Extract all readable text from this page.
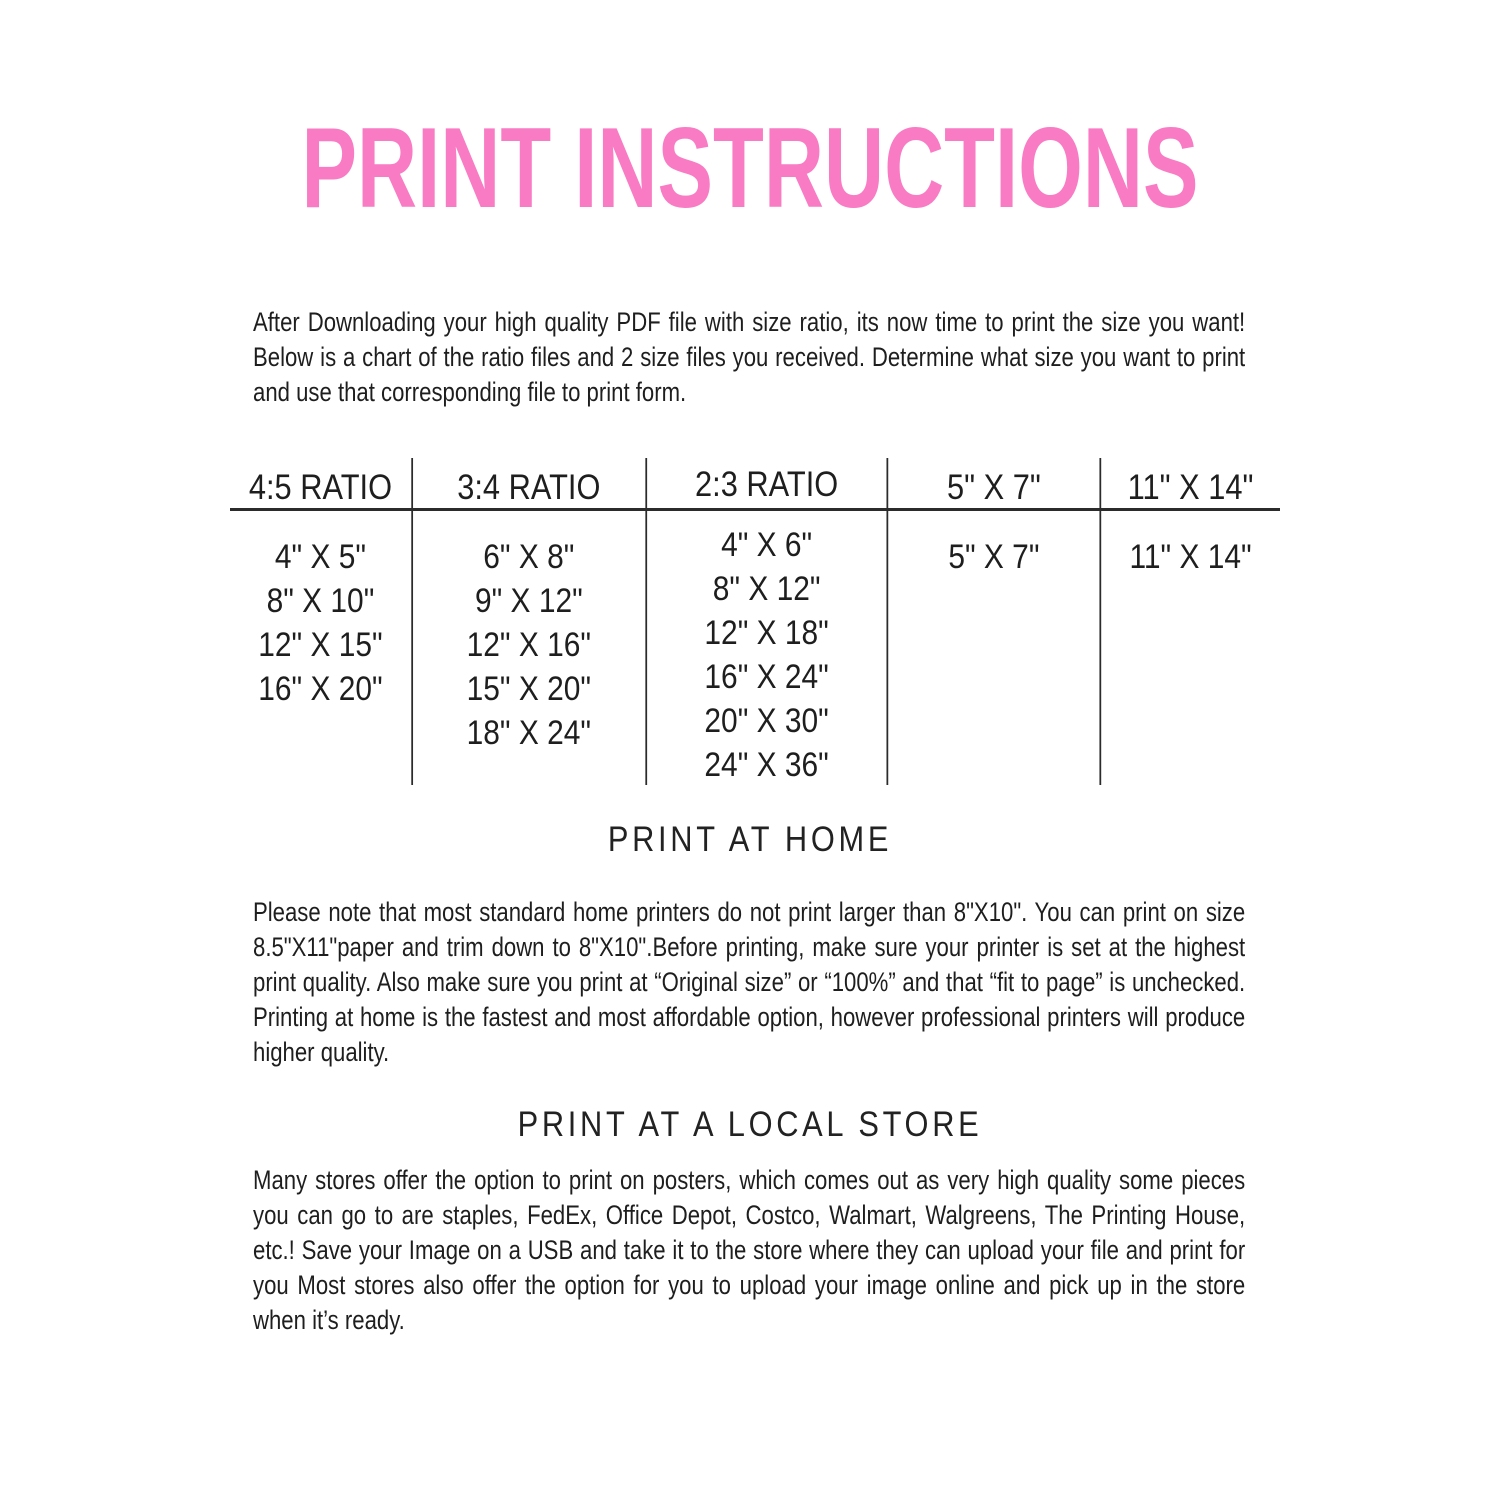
PRINT INSTRUCTIONS
After Downloading your high quality PDF file with size ratio, its now time to print the size you want! Below is a chart of the ratio files and 2 size files you received. Determine what size you want to print and use that corresponding file to print form.
4:5 RATIO
4" X 5"
8" X 10"
12" X 15"
16" X 20"
3:4 RATIO
6" X 8"
9" X 12"
12" X 16"
15" X 20"
18" X 24"
2:3 RATIO
4" X 6"
8" X 12"
12" X 18"
16" X 24"
20" X 30"
24" X 36"
5" X 7"
5" X 7"
11" X 14"
11" X 14"
PRINT AT HOME
Please note that most standard home printers do not print larger than 8"X10". You can print on size 8.5"X11"paper and trim down to 8"X10".Before printing, make sure your printer is set at the highest print quality. Also make sure you print at “Original size” or “100%” and that “fit to page” is unchecked. Printing at home is the fastest and most affordable option, however professional printers will produce higher quality.
PRINT AT A LOCAL STORE
Many stores offer the option to print on posters, which comes out as very high quality some pieces you can go to are staples, FedEx, Office Depot, Costco, Walmart, Walgreens, The Printing House, etc.! Save your Image on a USB and take it to the store where they can upload your file and print for you Most stores also offer the option for you to upload your image online and pick up in the store when it’s ready.
